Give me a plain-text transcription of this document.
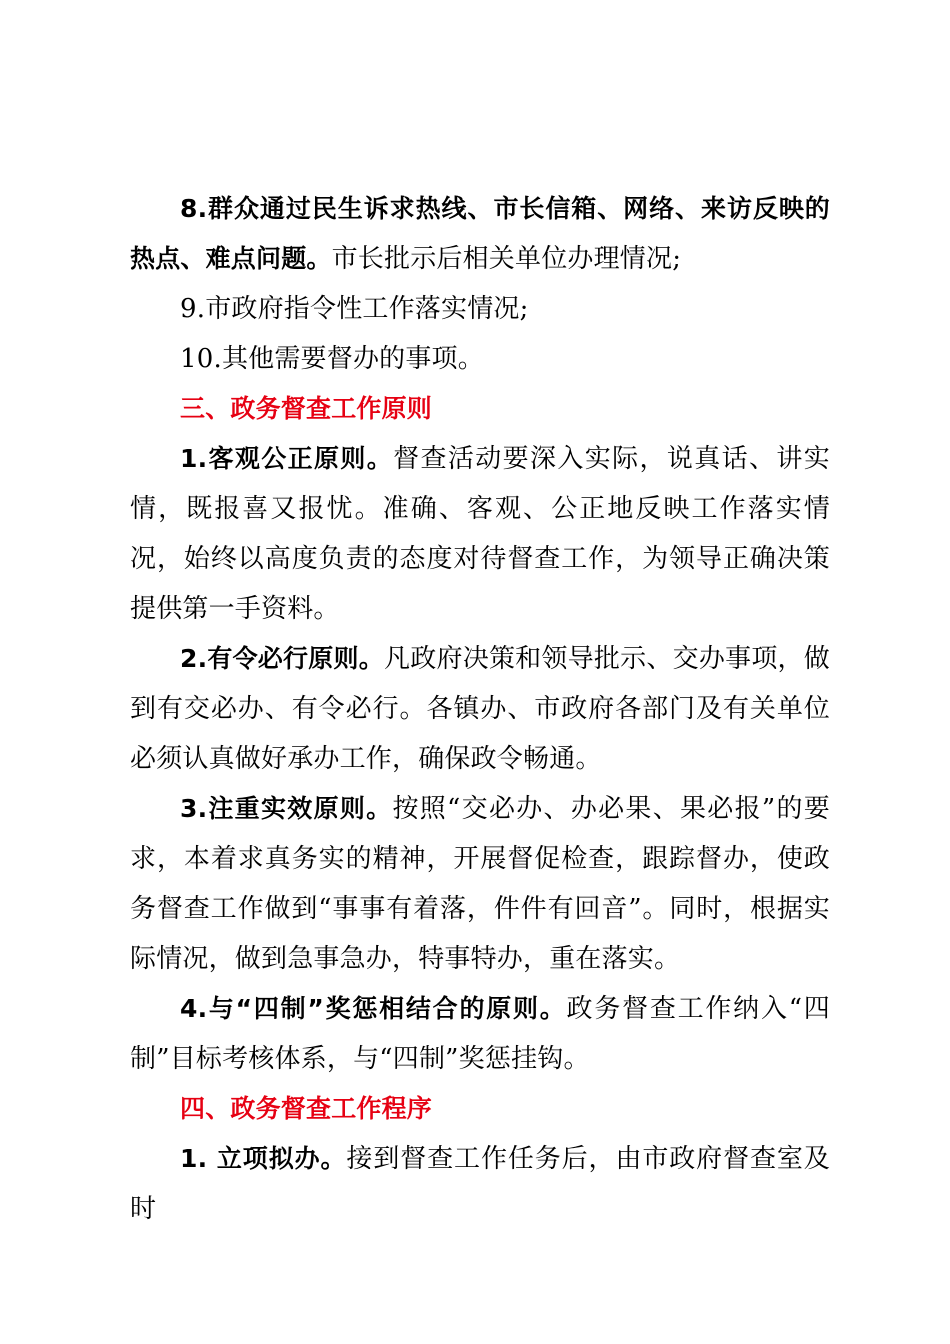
8.群众通过民生诉求热线、市长信箱、网络、来访反映的热点、难点问题。市长批示后相关单位办理情况;

9.市政府指令性工作落实情况;

10.其他需要督办的事项。

三、政务督查工作原则

1.客观公正原则。督查活动要深入实际，说真话、讲实情，既报喜又报忧。准确、客观、公正地反映工作落实情况，始终以高度负责的态度对待督查工作，为领导正确决策提供第一手资料。

2.有令必行原则。凡政府决策和领导批示、交办事项，做到有交必办、有令必行。各镇办、市政府各部门及有关单位必须认真做好承办工作，确保政令畅通。

3.注重实效原则。按照“交必办、办必果、果必报”的要求，本着求真务实的精神，开展督促检查，跟踪督办，使政务督查工作做到“事事有着落，件件有回音”。同时，根据实际情况，做到急事急办，特事特办，重在落实。

4.与“四制”奖惩相结合的原则。政务督查工作纳入“四制”目标考核体系，与“四制”奖惩挂钩。

四、政务督查工作程序

1. 立项拟办。接到督查工作任务后，由市政府督查室及时
